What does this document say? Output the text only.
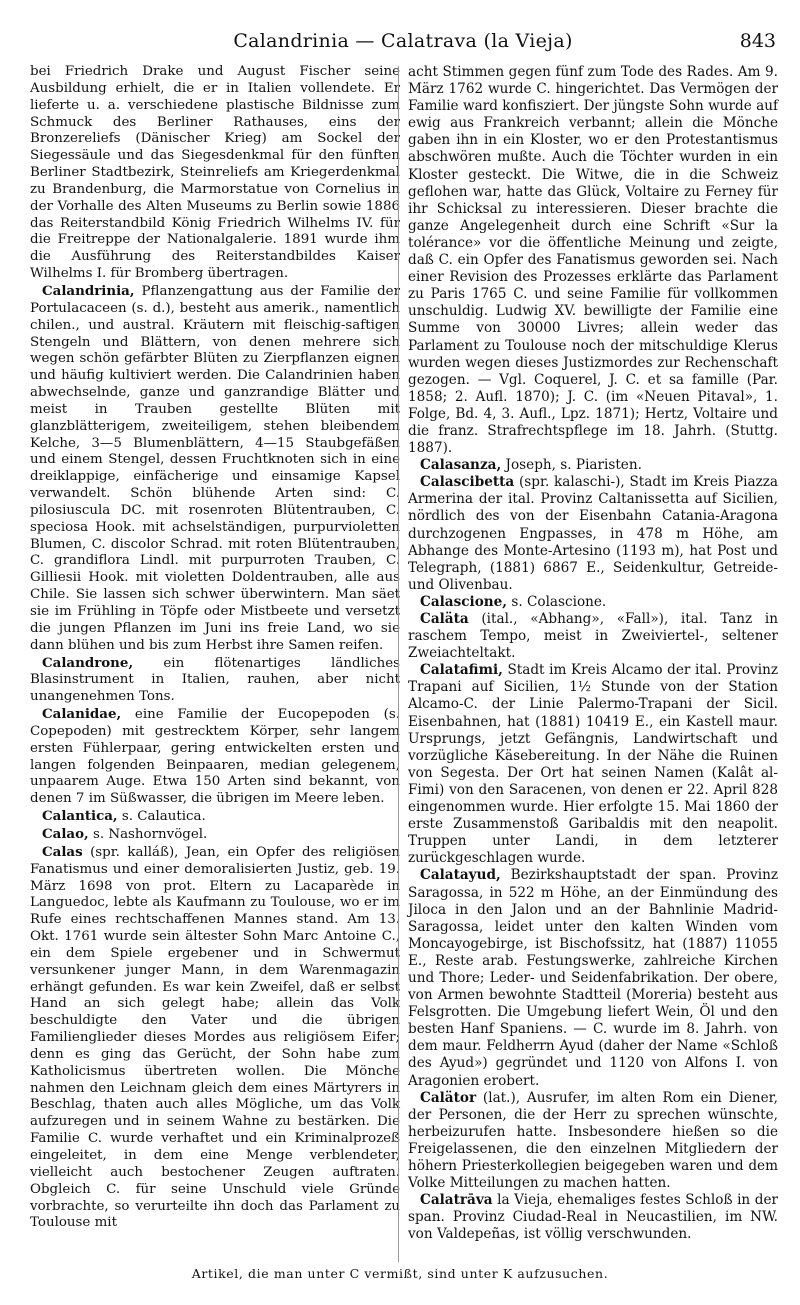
Calandrinia — Calatrava (la Vieja)	843

bei Friedrich Drake und August Fischer seine Ausbildung erhielt, die er in Italien vollendete. Er lieferte u. a. verschiedene plastische Bildnisse zum Schmuck des Berliner Rathauses, eins der Bronzereliefs (Dänischer Krieg) am Sockel der Siegessäule und das Siegesdenkmal für den fünften Berliner Stadtbezirk, Steinreliefs am Kriegerdenkmal zu Brandenburg, die Marmorstatue von Cornelius in der Vorhalle des Alten Museums zu Berlin sowie 1886 das Reiterstandbild König Friedrich Wilhelms IV. für die Freitreppe der Nationalgalerie. 1891 wurde ihm die Ausführung des Reiterstandbildes Kaiser Wilhelms I. für Bromberg übertragen.

Calandrinia, Pflanzengattung aus der Familie der Portulacaceen (s. d.), besteht aus amerik., namentlich chilen., und austral. Kräutern mit fleischig-saftigen Stengeln und Blättern, von denen mehrere sich wegen schön gefärbter Blüten zu Zierpflanzen eignen und häufig kultiviert werden. Die Calandrinien haben abwechselnde, ganze und ganzrandige Blätter und meist in Trauben gestellte Blüten mit glanzblätterigem, zweiteiligem, stehen bleibendem Kelche, 3—5 Blumenblättern, 4—15 Staubgefäßen und einem Stengel, dessen Fruchtknoten sich in eine dreiklappige, einfächerige und einsamige Kapsel verwandelt. Schön blühende Arten sind: C. pilosiuscula DC. mit rosenroten Blütentrauben, C. speciosa Hook. mit achselständigen, purpurvioletten Blumen, C. discolor Schrad. mit roten Blütentrauben, C. grandiflora Lindl. mit purpurroten Trauben, C. Gilliesii Hook. mit violetten Doldentrauben, alle aus Chile. Sie lassen sich schwer überwintern. Man säet sie im Frühling in Töpfe oder Mistbeete und versetzt die jungen Pflanzen im Juni ins freie Land, wo sie dann blühen und bis zum Herbst ihre Samen reifen.

Calandrone, ein flötenartiges ländliches Blasinstrument in Italien, rauhen, aber nicht unangenehmen Tons.

Calanidae, eine Familie der Eucopepoden (s. Copepoden) mit gestrecktem Körper, sehr langem ersten Fühlerpaar, gering entwickelten ersten und langen folgenden Beinpaaren, median gelegenem, unpaarem Auge. Etwa 150 Arten sind bekannt, von denen 7 im Süßwasser, die übrigen im Meere leben.

Calantica, s. Calautica.

Calao, s. Nashornvögel.

Calas (spr. kalláß), Jean, ein Opfer des religiösen Fanatismus und einer demoralisierten Justiz, geb. 19. März 1698 von prot. Eltern zu Lacaparède in Languedoc, lebte als Kaufmann zu Toulouse, wo er im Rufe eines rechtschaffenen Mannes stand. Am 13. Okt. 1761 wurde sein ältester Sohn Marc Antoine C., ein dem Spiele ergebener und in Schwermut versunkener junger Mann, in dem Warenmagazin erhängt gefunden. Es war kein Zweifel, daß er selbst Hand an sich gelegt habe; allein das Volk beschuldigte den Vater und die übrigen Familienglieder dieses Mordes aus religiösem Eifer; denn es ging das Gerücht, der Sohn habe zum Katholicismus übertreten wollen. Die Mönche nahmen den Leichnam gleich dem eines Märtyrers in Beschlag, thaten auch alles Mögliche, um das Volk aufzuregen und in seinem Wahne zu bestärken. Die Familie C. wurde verhaftet und ein Kriminalprozeß eingeleitet, in dem eine Menge verblendeter, vielleicht auch bestochener Zeugen auftraten. Obgleich C. für seine Unschuld viele Gründe vorbrachte, so verurteilte ihn doch das Parlament zu Toulouse mit

acht Stimmen gegen fünf zum Tode des Rades. Am 9. März 1762 wurde C. hingerichtet. Das Vermögen der Familie ward konfisziert. Der jüngste Sohn wurde auf ewig aus Frankreich verbannt; allein die Mönche gaben ihn in ein Kloster, wo er den Protestantismus abschwören mußte. Auch die Töchter wurden in ein Kloster gesteckt. Die Witwe, die in die Schweiz geflohen war, hatte das Glück, Voltaire zu Ferney für ihr Schicksal zu interessieren. Dieser brachte die ganze Angelegenheit durch eine Schrift «Sur la tolérance» vor die öffentliche Meinung und zeigte, daß C. ein Opfer des Fanatismus geworden sei. Nach einer Revision des Prozesses erklärte das Parlament zu Paris 1765 C. und seine Familie für vollkommen unschuldig. Ludwig XV. bewilligte der Familie eine Summe von 30000 Livres; allein weder das Parlament zu Toulouse noch der mitschuldige Klerus wurden wegen dieses Justizmordes zur Rechenschaft gezogen. — Vgl. Coquerel, J. C. et sa famille (Par. 1858; 2. Aufl. 1870); J. C. (im «Neuen Pitaval», 1. Folge, Bd. 4, 3. Aufl., Lpz. 1871); Hertz, Voltaire und die franz. Strafrechtspflege im 18. Jahrh. (Stuttg. 1887).

Calasanza, Joseph, s. Piaristen.

Calascibetta (spr. kalaschi-), Stadt im Kreis Piazza Armerina der ital. Provinz Caltanissetta auf Sicilien, nördlich des von der Eisenbahn Catania-Aragona durchzogenen Engpasses, in 478 m Höhe, am Abhange des Monte-Artesino (1193 m), hat Post und Telegraph, (1881) 6867 E., Seidenkultur, Getreide- und Olivenbau.

Calascione, s. Colascione.

Caläta (ital., «Abhang», «Fall»), ital. Tanz in raschem Tempo, meist in Zweiviertel-, seltener Zweiachteltakt.

Calatafimi, Stadt im Kreis Alcamo der ital. Provinz Trapani auf Sicilien, 1½ Stunde von der Station Alcamo-C. der Linie Palermo-Trapani der Sicil. Eisenbahnen, hat (1881) 10419 E., ein Kastell maur. Ursprungs, jetzt Gefängnis, Landwirtschaft und vorzügliche Käsebereitung. In der Nähe die Ruinen von Segesta. Der Ort hat seinen Namen (Kalât al-Fimi) von den Saracenen, von denen er 22. April 828 eingenommen wurde. Hier erfolgte 15. Mai 1860 der erste Zusammenstoß Garibaldis mit den neapolit. Truppen unter Landi, in dem letzterer zurückgeschlagen wurde.

Calatayud, Bezirkshauptstadt der span. Provinz Saragossa, in 522 m Höhe, an der Einmündung des Jiloca in den Jalon und an der Bahnlinie Madrid-Saragossa, leidet unter den kalten Winden vom Moncayogebirge, ist Bischofssitz, hat (1887) 11055 E., Reste arab. Festungswerke, zahlreiche Kirchen und Thore; Leder- und Seidenfabrikation. Der obere, von Armen bewohnte Stadtteil (Moreria) besteht aus Felsgrotten. Die Umgebung liefert Wein, Öl und den besten Hanf Spaniens. — C. wurde im 8. Jahrh. von dem maur. Feldherrn Ayud (daher der Name «Schloß des Ayud») gegründet und 1120 von Alfons I. von Aragonien erobert.

Calätor (lat.), Ausrufer, im alten Rom ein Diener, der Personen, die der Herr zu sprechen wünschte, herbeizurufen hatte. Insbesondere hießen so die Freigelassenen, die den einzelnen Mitgliedern der höhern Priesterkollegien beigegeben waren und dem Volke Mitteilungen zu machen hatten.

Calatrāva la Vieja, ehemaliges festes Schloß in der span. Provinz Ciudad-Real in Neucastilien, im NW. von Valdepeñas, ist völlig verschwunden.

Artikel, die man unter C vermißt, sind unter K aufzusuchen.
